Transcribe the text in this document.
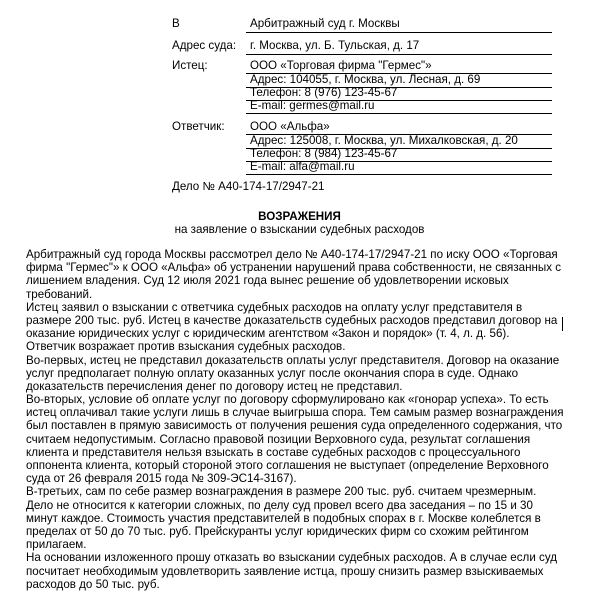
В	Арбитражный суд г. Москвы
Адрес суда: г. Москва, ул. Б. Тульская, д. 17
Истец:	ООО «Торговая фирма "Гермес"»
Адрес: 104055, г. Москва, ул. Лесная, д. 69
Телефон: 8 (976) 123-45-67
E-mail: germes@mail.ru
Ответчик: ООО «Альфа»
Адрес: 125008, г. Москва, ул. Михалковская, д. 20
Телефон: 8 (984) 123-45-67
E-mail: alfa@mail.ru
Дело № А40-174-17/2947-21
ВОЗРАЖЕНИЯ
на заявление о взыскании судебных расходов
Арбитражный суд города Москвы рассмотрел дело № А40-174-17/2947-21 по иску ООО «Торговая
фирма "Гермес"» к ООО «Альфа» об устранении нарушений права собственности, не связанных с
лишением владения. Суд 12 июля 2021 года вынес решение об удовлетворении исковых
требований.
Истец заявил о взыскании с ответчика судебных расходов на оплату услуг представителя в
размере 200 тыс. руб. Истец в качестве доказательств судебных расходов представил договор на
оказание юридических услуг с юридическим агентством «Закон и порядок» (т. 4, л. д. 56).
Ответчик возражает против взыскания судебных расходов.
Во-первых, истец не представил доказательств оплаты услуг представителя. Договор на оказание
услуг предполагает полную оплату оказанных услуг после окончания спора в суде. Однако
доказательств перечисления денег по договору истец не представил.
Во-вторых, условие об оплате услуг по договору сформулировано как «гонорар успеха». То есть
истец оплачивал такие услуги лишь в случае выигрыша спора. Тем самым размер вознаграждения
был поставлен в прямую зависимость от получения решения суда определенного содержания, что
считаем недопустимым. Согласно правовой позиции Верховного суда, результат соглашения
клиента и представителя нельзя взыскать в составе судебных расходов с процессуального
оппонента клиента, который стороной этого соглашения не выступает (определение Верховного
суда от 26 февраля 2015 года № 309-ЭС14-3167).
В-третьих, сам по себе размер вознаграждения в размере 200 тыс. руб. считаем чрезмерным.
Дело не относится к категории сложных, по делу суд провел всего два заседания – по 15 и 30
минут каждое. Стоимость участия представителей в подобных спорах в г. Москве колеблется в
пределах от 50 до 70 тыс. руб. Прейскуранты услуг юридических фирм со схожим рейтингом
прилагаем.
На основании изложенного прошу отказать во взыскании судебных расходов. А в случае если суд
посчитает необходимым удовлетворить заявление истца, прошу снизить размер взыскиваемых
расходов до 50 тыс. руб.
